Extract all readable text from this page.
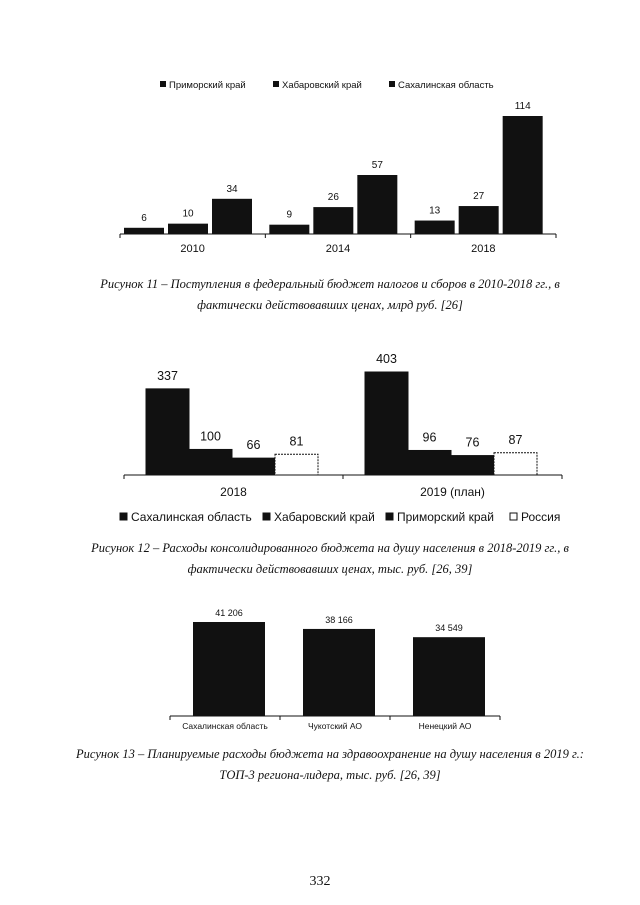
Приморский край	Хабаровский край	Сахалинская область
6	10
34
2010
9
26
57
2014
13
27
114
2018
Рисунок 11 – Поступления в федеральный бюджет налогов и сборов в 2010-2018 гг., в фактически действовавших ценах, млрд руб. [26]
337
100
66 81
2018
403
96 76 87
2019 (план)
Сахалинская область Хабаровский край Приморский край Россия
Рисунок 12 – Расходы консолидированного бюджета на душу населения в 2018-2019 гг., в фактически действовавших ценах, тыс. руб. [26, 39]
41 206
Сахалинская область
38 166
Чукотский АО
34 549
Ненецкий АО
Рисунок 13 – Планируемые расходы бюджета на здравоохранение на душу населения в 2019 г.: ТОП-3 региона-лидера, тыс. руб. [26, 39]
332
